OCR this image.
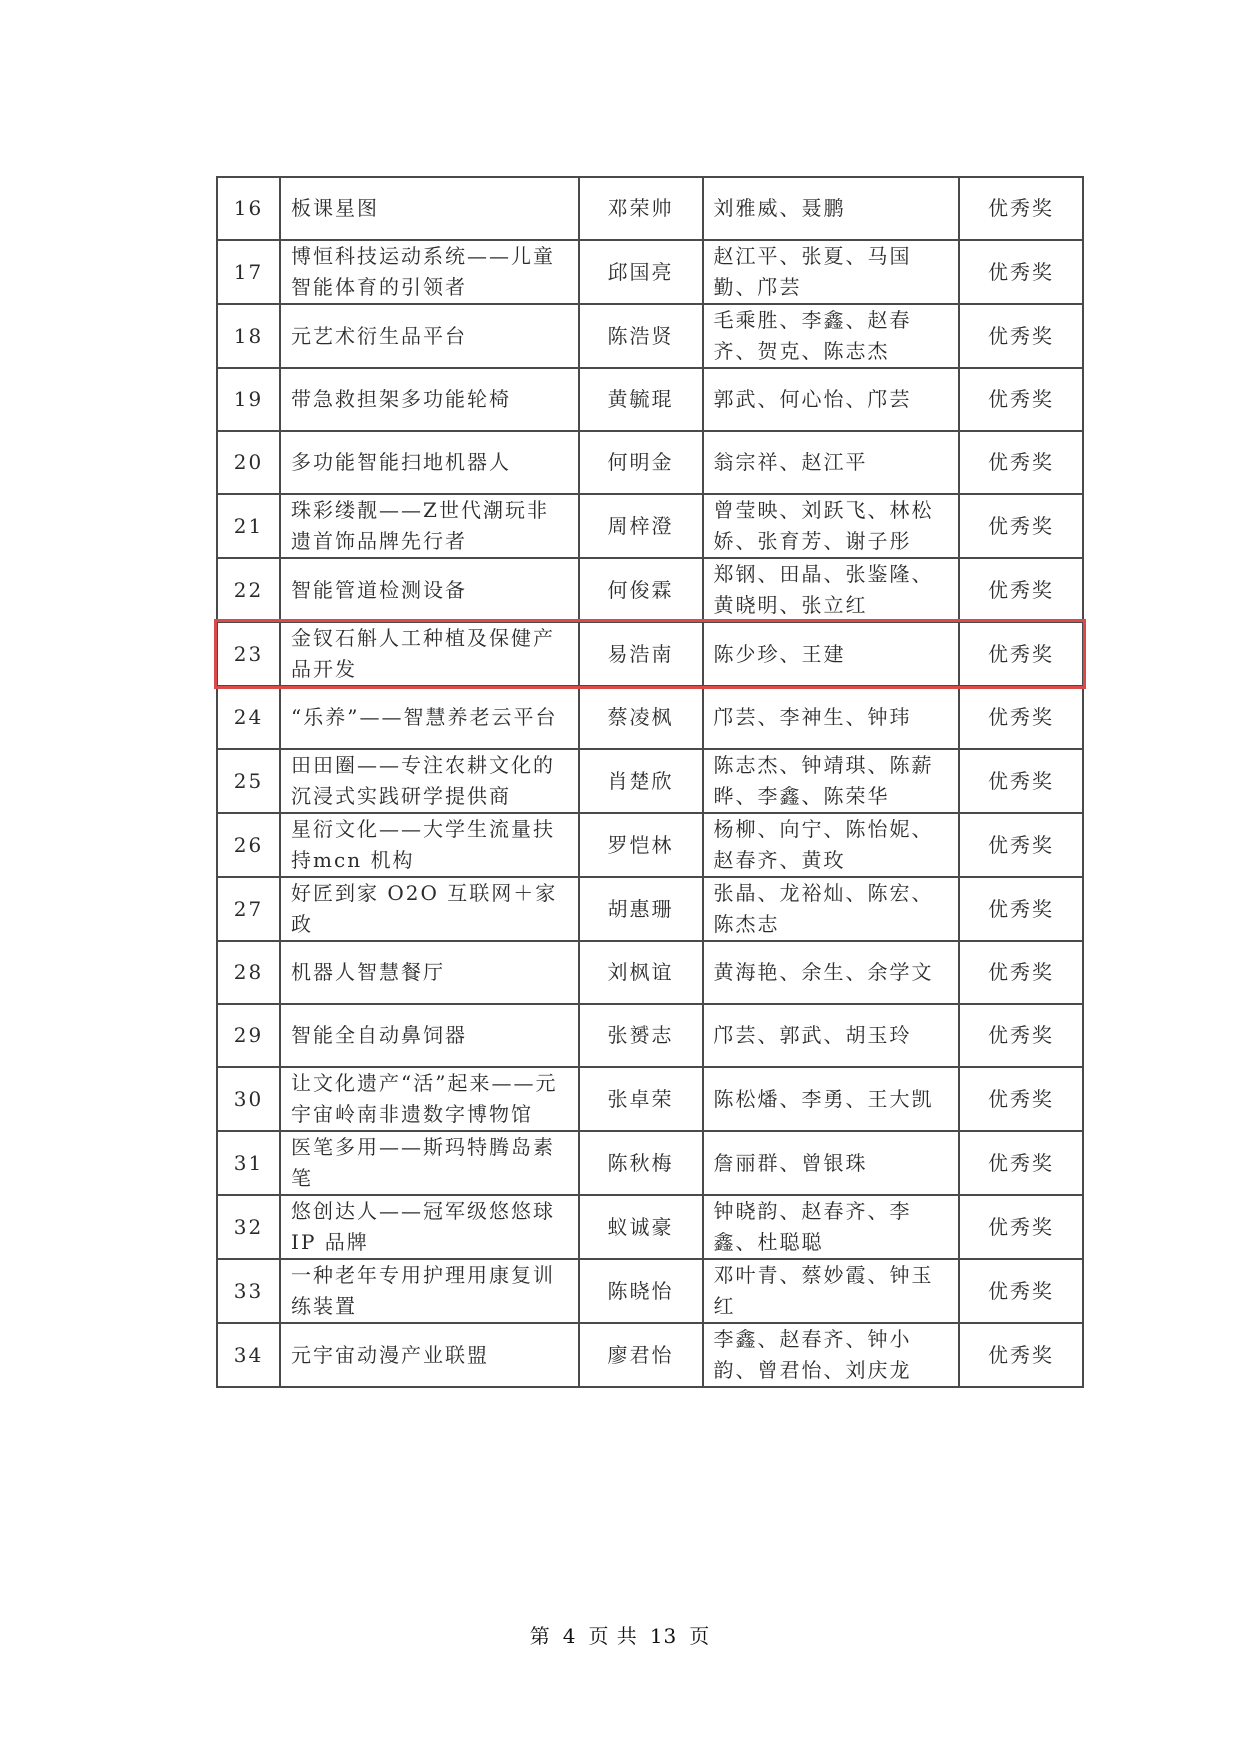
16	板课星图	邓荣帅	刘雅威、聂鹏	优秀奖
17	博恒科技运动系统——儿童智能体育的引领者	邱国亮	赵江平、张夏、马国勤、邝芸	优秀奖
18	元艺术衍生品平台	陈浩贤	毛乘胜、李鑫、赵春齐、贺克、陈志杰	优秀奖
19	带急救担架多功能轮椅	黄毓琨	郭武、何心怡、邝芸	优秀奖
20	多功能智能扫地机器人	何明金	翁宗祥、赵江平	优秀奖
21	珠彩缕靓——Z世代潮玩非遗首饰品牌先行者	周梓澄	曾莹映、刘跃飞、林松娇、张育芳、谢子彤	优秀奖
22	智能管道检测设备	何俊霖	郑钢、田晶、张鉴隆、黄晓明、张立红	优秀奖
23	金钗石斛人工种植及保健产品开发	易浩南	陈少珍、王建	优秀奖
24	“乐养”——智慧养老云平台	蔡凌枫	邝芸、李神生、钟玮	优秀奖
25	田田圈——专注农耕文化的沉浸式实践研学提供商	肖楚欣	陈志杰、钟靖琪、陈薪晔、李鑫、陈荣华	优秀奖
26	星衍文化——大学生流量扶持mcn 机构	罗恺林	杨柳、向宁、陈怡妮、赵春齐、黄玫	优秀奖
27	好匠到家 O2O 互联网＋家政	胡惠珊	张晶、龙裕灿、陈宏、陈杰志	优秀奖
28	机器人智慧餐厅	刘枫谊	黄海艳、余生、余学文	优秀奖
29	智能全自动鼻饲器	张赟志	邝芸、郭武、胡玉玲	优秀奖
30	让文化遗产“活”起来——元宇宙岭南非遗数字博物馆	张卓荣	陈松燔、李勇、王大凯	优秀奖
31	医笔多用——斯玛特腾岛素笔	陈秋梅	詹丽群、曾银珠	优秀奖
32	悠创达人——冠军级悠悠球IP 品牌	蚁诚豪	钟晓韵、赵春齐、李鑫、杜聪聪	优秀奖
33	一种老年专用护理用康复训练装置	陈晓怡	邓叶青、蔡妙霞、钟玉红	优秀奖
34	元宇宙动漫产业联盟	廖君怡	李鑫、赵春齐、钟小韵、曾君怡、刘庆龙	优秀奖
第 4 页 共 13 页
